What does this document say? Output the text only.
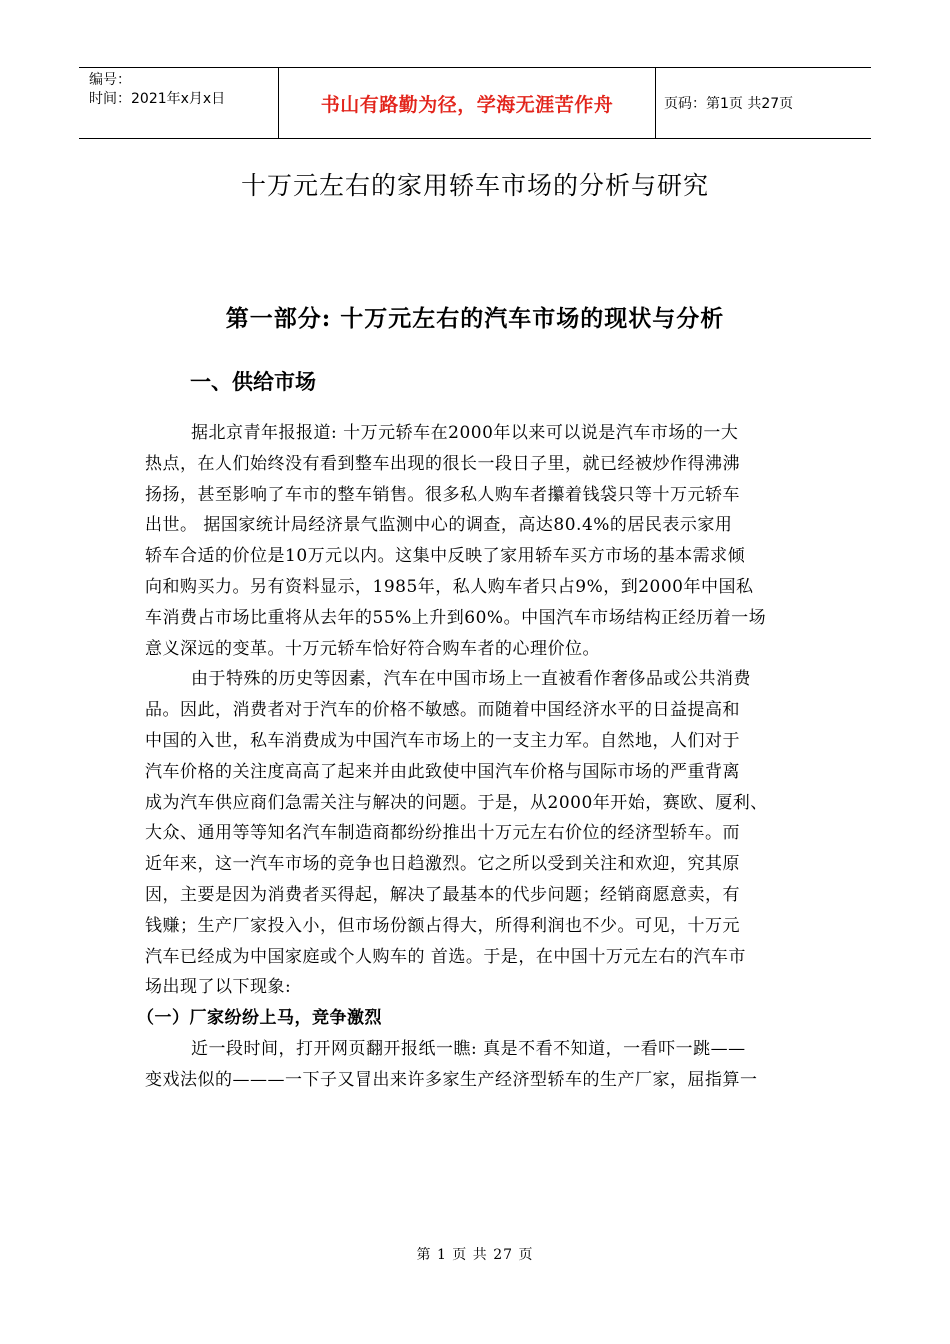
编号：
时间：2021年x月x日	书山有路勤为径，学海无涯苦作舟	页码：第1页 共27页
十万元左右的家用轿车市场的分析与研究
第一部分: 十万元左右的汽车市场的现状与分析
一、供给市场
据北京青年报报道: 十万元轿车在2000年以来可以说是汽车市场的一大
热点，在人们始终没有看到整车出现的很长一段日子里，就已经被炒作得沸沸
扬扬，甚至影响了车市的整车销售。很多私人购车者攥着钱袋只等十万元轿车
出世。 据国家统计局经济景气监测中心的调查，高达80.4%的居民表示家用
轿车合适的价位是10万元以内。这集中反映了家用轿车买方市场的基本需求倾
向和购买力。另有资料显示，1985年，私人购车者只占9%，到2000年中国私
车消费占市场比重将从去年的55%上升到60%。中国汽车市场结构正经历着一场
意义深远的变革。十万元轿车恰好符合购车者的心理价位。
由于特殊的历史等因素，汽车在中国市场上一直被看作奢侈品或公共消费
品。因此，消费者对于汽车的价格不敏感。而随着中国经济水平的日益提高和
中国的入世，私车消费成为中国汽车市场上的一支主力军。自然地，人们对于
汽车价格的关注度高高了起来并由此致使中国汽车价格与国际市场的严重背离
成为汽车供应商们急需关注与解决的问题。于是，从2000年开始，赛欧、厦利、
大众、通用等等知名汽车制造商都纷纷推出十万元左右价位的经济型轿车。而
近年来，这一汽车市场的竞争也日趋激烈。它之所以受到关注和欢迎，究其原
因，主要是因为消费者买得起，解决了最基本的代步问题；经销商愿意卖，有
钱赚；生产厂家投入小，但市场份额占得大，所得利润也不少。可见，十万元
汽车已经成为中国家庭或个人购车的 首选。于是，在中国十万元左右的汽车市
场出现了以下现象:
（一）厂家纷纷上马，竞争激烈
近一段时间，打开网页翻开报纸一瞧: 真是不看不知道，一看吓一跳——
变戏法似的———一下子又冒出来许多家生产经济型轿车的生产厂家，屈指算一
第 1 页 共 27 页
